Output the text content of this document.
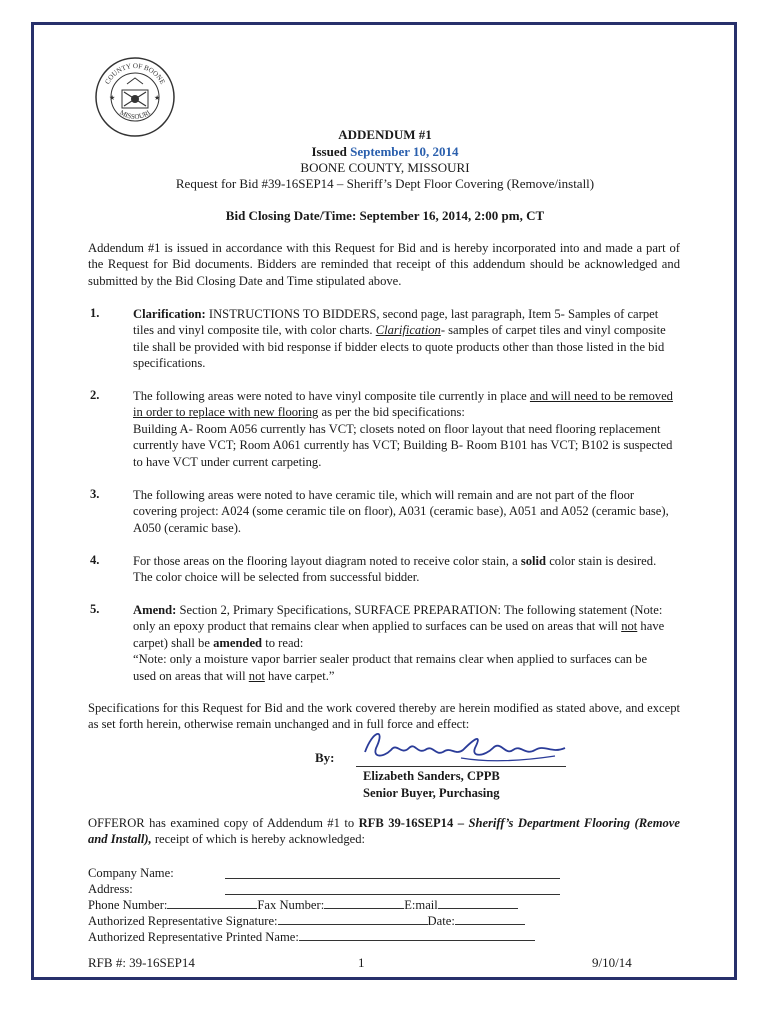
★	★
COUNTY OF BOONE
MISSOURI
ADDENDUM #1
Issued September 10, 2014
BOONE COUNTY, MISSOURI
Request for Bid #39-16SEP14 – Sheriff’s Dept Floor Covering (Remove/install)
Bid Closing Date/Time: September 16, 2014, 2:00 pm, CT
Addendum #1 is issued in accordance with this Request for Bid and is hereby incorporated into and made a part of the Request for Bid documents. Bidders are reminded that receipt of this addendum should be acknowledged and submitted by the Bid Closing Date and Time stipulated above.
1.	Clarification: INSTRUCTIONS TO BIDDERS, second page, last paragraph, Item 5- Samples of carpet tiles and vinyl composite tile, with color charts. Clarification- samples of carpet tiles and vinyl composite tile shall be provided with bid response if bidder elects to quote products other than those listed in the bid specifications.
2.	The following areas were noted to have vinyl composite tile currently in place and will need to be removed in order to replace with new flooring as per the bid specifications:
Building A- Room A056 currently has VCT; closets noted on floor layout that need flooring replacement currently have VCT; Room A061 currently has VCT; Building B- Room B101 has VCT; B102 is suspected to have VCT under current carpeting.
3.	The following areas were noted to have ceramic tile, which will remain and are not part of the floor covering project: A024 (some ceramic tile on floor), A031 (ceramic base), A051 and A052 (ceramic base), A050 (ceramic base).
4.	For those areas on the flooring layout diagram noted to receive color stain, a solid color stain is desired. The color choice will be selected from successful bidder.
5.	Amend: Section 2, Primary Specifications, SURFACE PREPARATION: The following statement (Note: only an epoxy product that remains clear when applied to surfaces can be used on areas that will not have carpet) shall be amended to read:
“Note: only a moisture vapor barrier sealer product that remains clear when applied to surfaces can be used on areas that will not have carpet.”
Specifications for this Request for Bid and the work covered thereby are herein modified as stated above, and except as set forth herein, otherwise remain unchanged and in full force and effect:
By:
Elizabeth Sanders, CPPB
Senior Buyer, Purchasing
OFFEROR has examined copy of Addendum #1 to RFB 39-16SEP14 – Sheriff’s Department Flooring (Remove and Install), receipt of which is hereby acknowledged:
Company Name:
Address:
Phone Number:	Fax Number:	E:mail
Authorized Representative Signature:	Date:
Authorized Representative Printed Name:
RFB #: 39-16SEP14	1	9/10/14
